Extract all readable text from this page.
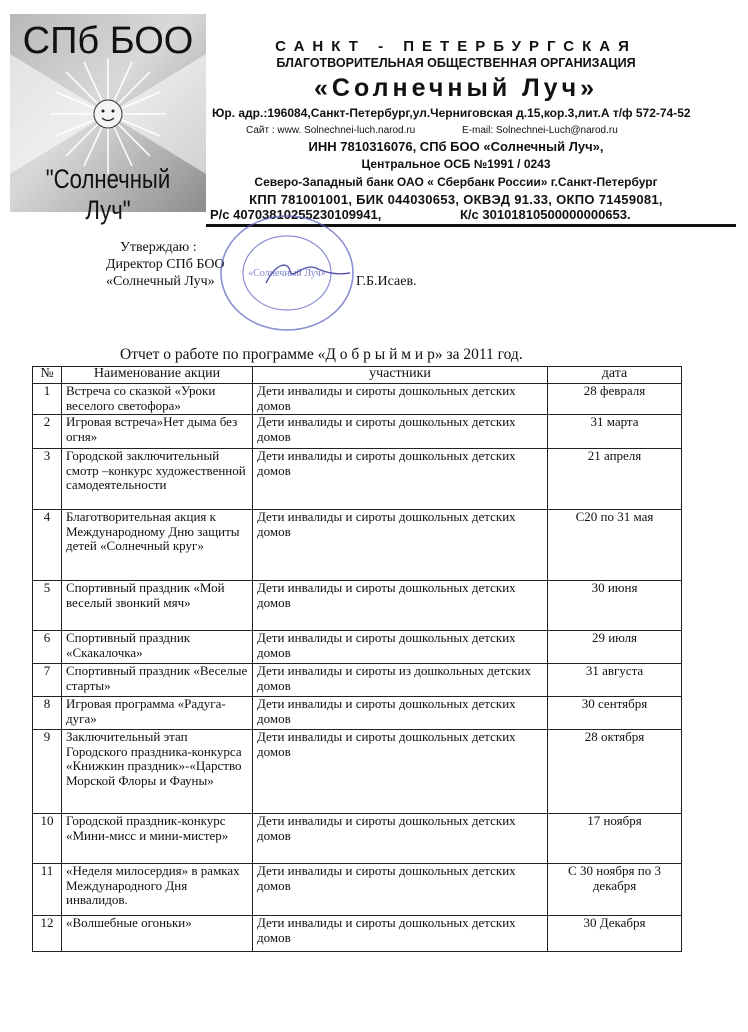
СПб БОО
"Солнечный Луч"
САНКТ - ПЕТЕРБУРГСКАЯ
БЛАГОТВОРИТЕЛЬНАЯ ОБЩЕСТВЕННАЯ ОРГАНИЗАЦИЯ
«Солнечный Луч»
Юр. адр.:196084,Санкт-Петербург,ул.Черниговская д.15,кор.3,лит.А т/ф 572-74-52
Сайт : www. Solnechnei-luch.narod.ru	E-mail: Solnechnei-Luch@narod.ru
ИНН 7810316076, СПб БОО «Солнечный Луч»,
Центральное ОСБ №1991 / 0243
Северо-Западный банк ОАО « Сбербанк России» г.Санкт-Петербург
КПП 781001001, БИК 044030653, ОКВЭД 91.33, ОКПО 71459081,
Р/с 40703810255230109941,	К/с 30101810500000000653.
Утверждаю :
Директор СПб БОО
«Солнечный Луч»	Г.Б.Исаев.
«Солнечный Луч»
Отчет о работе по программе «Д о б р ы й м и р» за 2011 год.
№	Наименование акции	участники	дата
1	Встреча со сказкой «Уроки веселого светофора»	Дети инвалиды и сироты дошкольных детских домов	28 февраля
2	Игровая встреча»Нет дыма без огня»	Дети инвалиды и сироты дошкольных детских домов	31 марта
3	Городской заключительный смотр –конкурс художественной самодеятельности	Дети инвалиды и сироты дошкольных детских домов	21 апреля
4	Благотворительная акция к Международному Дню защиты детей «Солнечный круг»	Дети инвалиды и сироты дошкольных детских домов	С20 по 31 мая
5	Спортивный праздник «Мой веселый звонкий мяч»	Дети инвалиды и сироты дошкольных детских домов	30 июня
6	Спортивный праздник «Скакалочка»	Дети инвалиды и сироты дошкольных детских домов	29 июля
7	Спортивный праздник «Веселые старты»	Дети инвалиды и сироты из дошкольных детских домов	31 августа
8	Игровая программа «Радуга-дуга»	Дети инвалиды и сироты дошкольных детских домов	30 сентября
9	Заключительный этап Городского праздника-конкурса «Книжкин праздник»-«Царство Морской Флоры и Фауны»	Дети инвалиды и сироты дошкольных детских домов	28 октября
10	Городской праздник-конкурс «Мини-мисс и мини-мистер»	Дети инвалиды и сироты дошкольных детских домов	17 ноября
11	«Неделя милосердия» в рамках Международного Дня инвалидов.	Дети инвалиды и сироты дошкольных детских домов	С 30 ноября по 3 декабря
12	«Волшебные огоньки»	Дети инвалиды и сироты дошкольных детских домов	30 Декабря
